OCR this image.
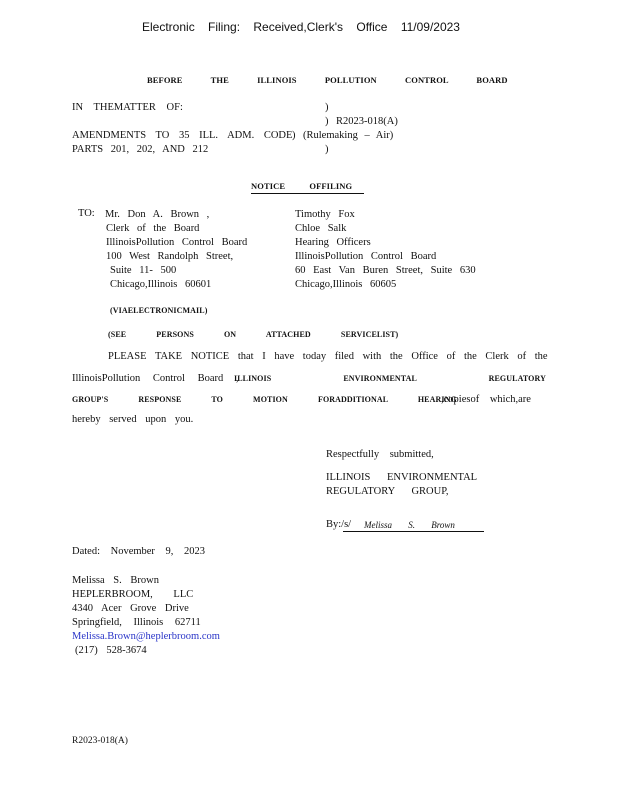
Electronic Filing: Received,Clerk's Office 11/09/2023
BEFORE THE ILLINOIS POLLUTION CONTROL BOARD
IN THEMATTER OF:	)
) R2023-018(A)
AMENDMENTS TO 35 ILL. ADM. CODE ) (Rulemaking – Air)
PARTS 201, 202, AND 212	)
NOTICE OFFILING
TO: Mr. Don A. Brown ,
Clerk of the Board
IllinoisPollution Control Board
100 West Randolph Street,
Suite 11- 500
Chicago,Illinois 60601
Timothy Fox
Chloe Salk
Hearing Officers
IllinoisPollution Control Board
60 East Van Buren Street, Suite 630
Chicago,Illinois 60605
(VIAELECTRONICMAIL)
(SEE PERSONS ON ATTACHED SERVICELIST)
PLEASE TAKE NOTICE that I have today filed with the Office of the Clerk of the
IllinoisPollution Control Board ,
ILLINOIS ENVIRONMENTAL REGULATORY
GROUP'S RESPONSE TO MOTION FORADDITIONAL HEARING
,copiesof which,are
hereby served upon you.
Respectfully submitted,
ILLINOIS ENVIRONMENTAL
REGULATORY GROUP,
By:/s/ Melissa S. Brown
Dated: November 9, 2023
Melissa S. Brown
HEPLERBROOM, LLC
4340 Acer Grove Drive
Springfield, Illinois 62711
Melissa.Brown@heplerbroom.com
(217) 528-3674
R2023-018(A)
